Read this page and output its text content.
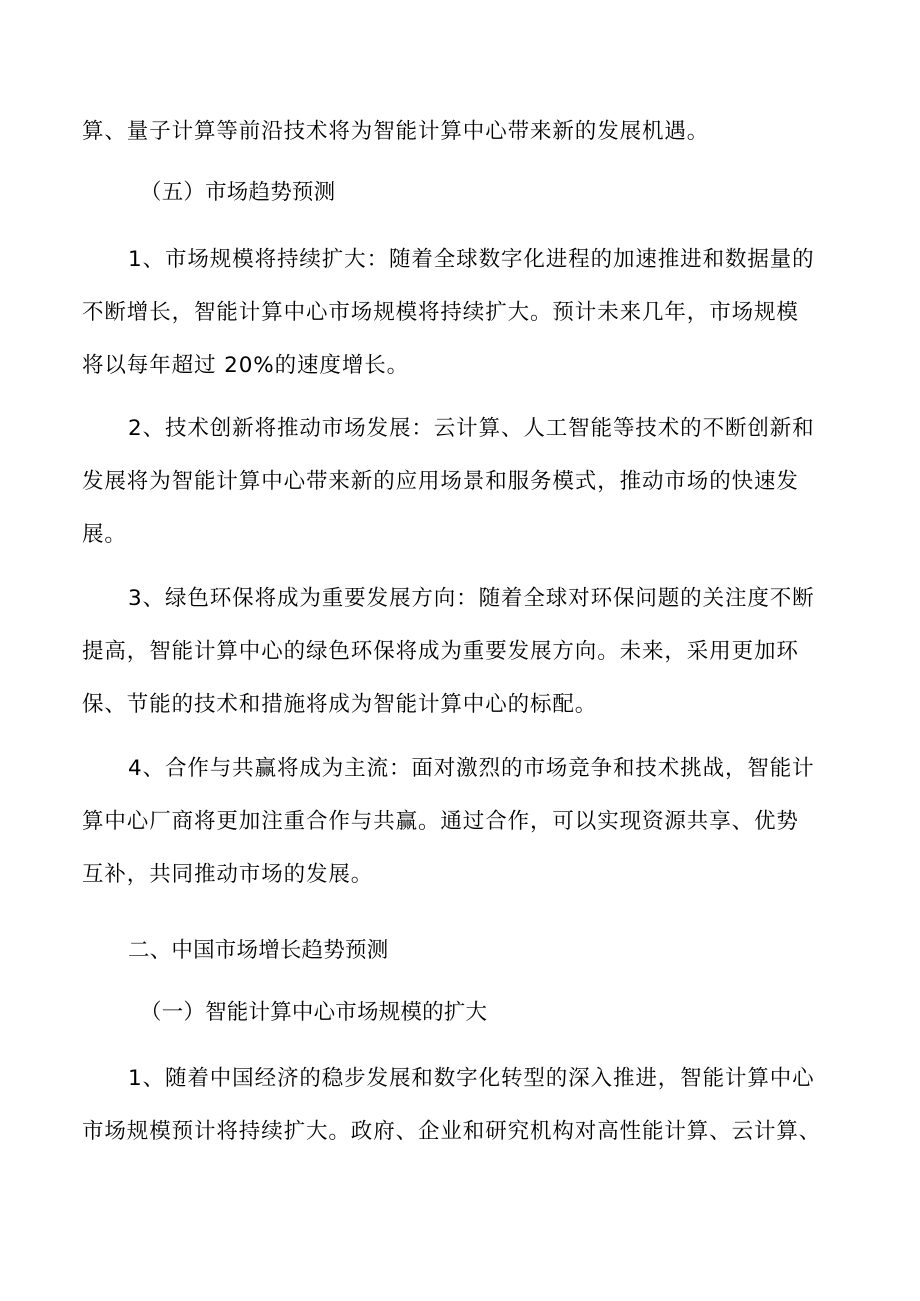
算、量子计算等前沿技术将为智能计算中心带来新的发展机遇。
（五）市场趋势预测
1、市场规模将持续扩大：随着全球数字化进程的加速推进和数据量的
不断增长，智能计算中心市场规模将持续扩大。预计未来几年，市场规模
将以每年超过 20%的速度增长。
2、技术创新将推动市场发展：云计算、人工智能等技术的不断创新和
发展将为智能计算中心带来新的应用场景和服务模式，推动市场的快速发
展。
3、绿色环保将成为重要发展方向：随着全球对环保问题的关注度不断
提高，智能计算中心的绿色环保将成为重要发展方向。未来，采用更加环
保、节能的技术和措施将成为智能计算中心的标配。
4、合作与共赢将成为主流：面对激烈的市场竞争和技术挑战，智能计
算中心厂商将更加注重合作与共赢。通过合作，可以实现资源共享、优势
互补，共同推动市场的发展。
二、中国市场增长趋势预测
（一）智能计算中心市场规模的扩大
1、随着中国经济的稳步发展和数字化转型的深入推进，智能计算中心
市场规模预计将持续扩大。政府、企业和研究机构对高性能计算、云计算、
